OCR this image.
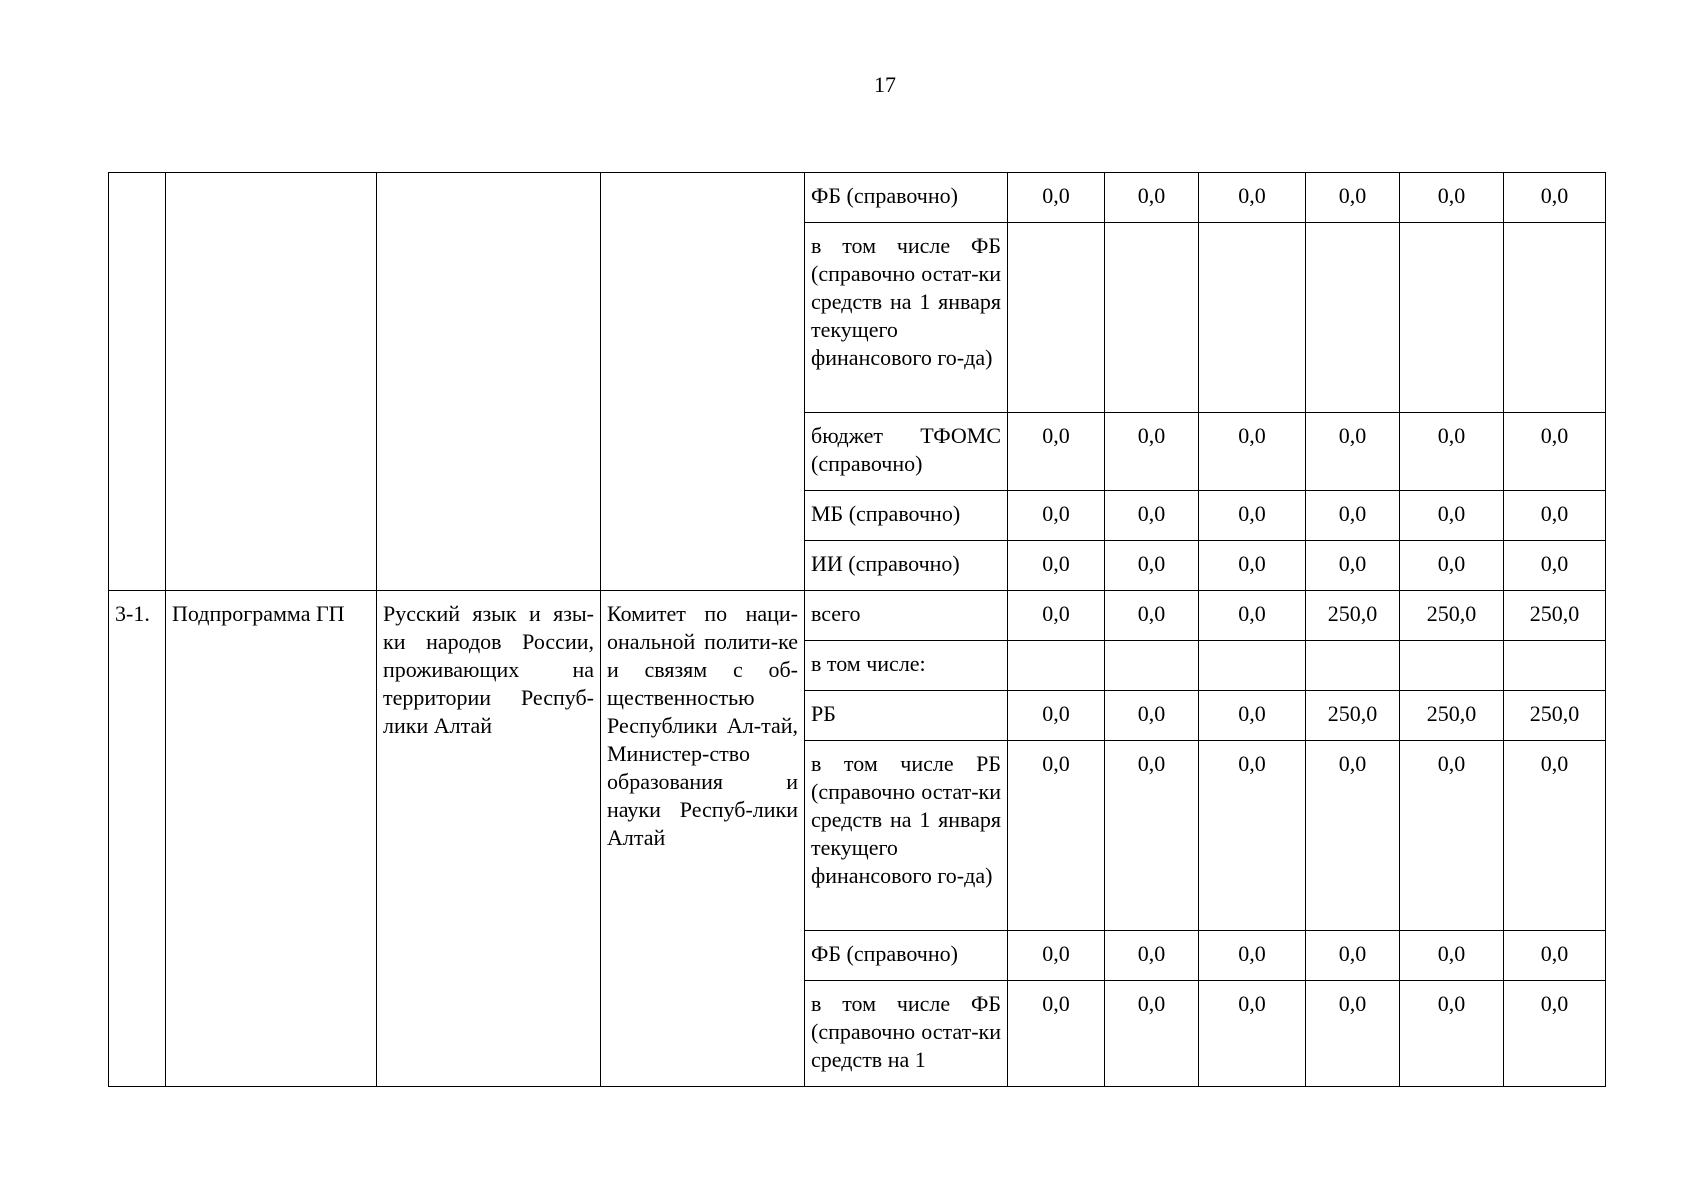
17
				ФБ (справочно)	0,0	0,0	0,0	0,0	0,0	0,0
				в том числе ФБ (справочно остат-ки средств на 1 января текущего финансового го-да)						
				бюджет ТФОМС (справочно)	0,0	0,0	0,0	0,0	0,0	0,0
				МБ (справочно)	0,0	0,0	0,0	0,0	0,0	0,0
				ИИ (справочно)	0,0	0,0	0,0	0,0	0,0	0,0
3-1.	Подпрограмма ГП	Русский язык и язы-ки народов России, проживающих на территории Респуб-лики Алтай	Комитет по наци-ональной полити-ке и связям с об-щественностью Республики Ал-тай, Министер-ство образования и науки Респуб-лики Алтай	всего	0,0	0,0	0,0	250,0	250,0	250,0
				в том числе:						
				РБ	0,0	0,0	0,0	250,0	250,0	250,0
				в том числе РБ (справочно остат-ки средств на 1 января текущего финансового го-да)	0,0	0,0	0,0	0,0	0,0	0,0
				ФБ (справочно)	0,0	0,0	0,0	0,0	0,0	0,0
				в том числе ФБ (справочно остат-ки средств на 1	0,0	0,0	0,0	0,0	0,0	0,0
